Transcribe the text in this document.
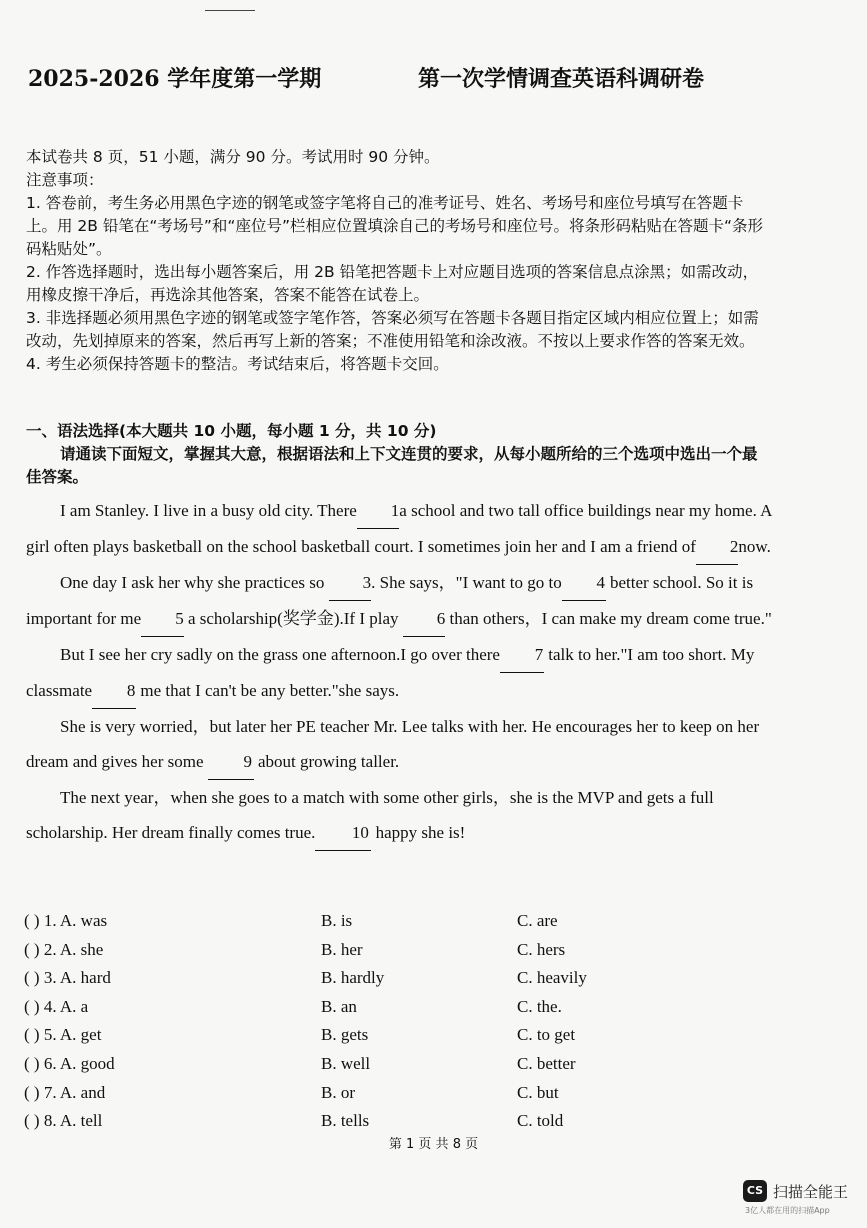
2025-2026 学年度第一学期	第一次学情调查英语科调研卷

本试卷共 8 页，51 小题，满分 90 分。考试用时 90 分钟。

注意事项：

1. 答卷前，考生务必用黑色字迹的钢笔或签字笔将自己的准考证号、姓名、考场号和座位号填写在答题卡上。用 2B 铅笔在“考场号”和“座位号”栏相应位置填涂自己的考场号和座位号。将条形码粘贴在答题卡“条形码粘贴处”。

2. 作答选择题时，选出每小题答案后，用 2B 铅笔把答题卡上对应题目选项的答案信息点涂黑；如需改动，用橡皮擦干净后，再选涂其他答案，答案不能答在试卷上。

3. 非选择题必须用黑色字迹的钢笔或签字笔作答，答案必须写在答题卡各题目指定区域内相应位置上；如需改动，先划掉原来的答案，然后再写上新的答案；不准使用铅笔和涂改液。不按以上要求作答的答案无效。

4. 考生必须保持答题卡的整洁。考试结束后，将答题卡交回。

一、语法选择(本大题共 10 小题，每小题 1 分，共 10 分)

请通读下面短文，掌握其大意，根据语法和上下文连贯的要求，从每小题所给的三个选项中选出一个最佳答案。

I am Stanley. I live in a busy old city. There 1a school and two tall office buildings near my home. A girl often plays basketball on the school basketball court. I sometimes join her and I am a friend of 2now.

One day I ask her why she practices so 3. She says，"I want to go to 4 better school. So it is important for me 5 a scholarship(奖学金).If I play 6 than others，I can make my dream come true."

But I see her cry sadly on the grass one afternoon.I go over there 7 talk to her."I am too short. My classmate 8 me that I can't be any better."she says.

She is very worried，but later her PE teacher Mr. Lee talks with her. He encourages her to keep on her dream and gives her some 9 about growing taller.

The next year，when she goes to a match with some other girls，she is the MVP and gets a full scholarship. Her dream finally comes true. 10 happy she is!

( ) 1. A. was	B. is	C. are
( ) 2. A. she	B. her	C. hers
( ) 3. A. hard	B. hardly	C. heavily
( ) 4. A. a	B. an	C. the.
( ) 5. A. get	B. gets	C. to get
( ) 6. A. good	B. well	C. better
( ) 7. A. and	B. or	C. but
( ) 8. A. tell	B. tells	C. told
第 1 页 共 8 页
CS 扫描全能王
3亿人都在用的扫描App
